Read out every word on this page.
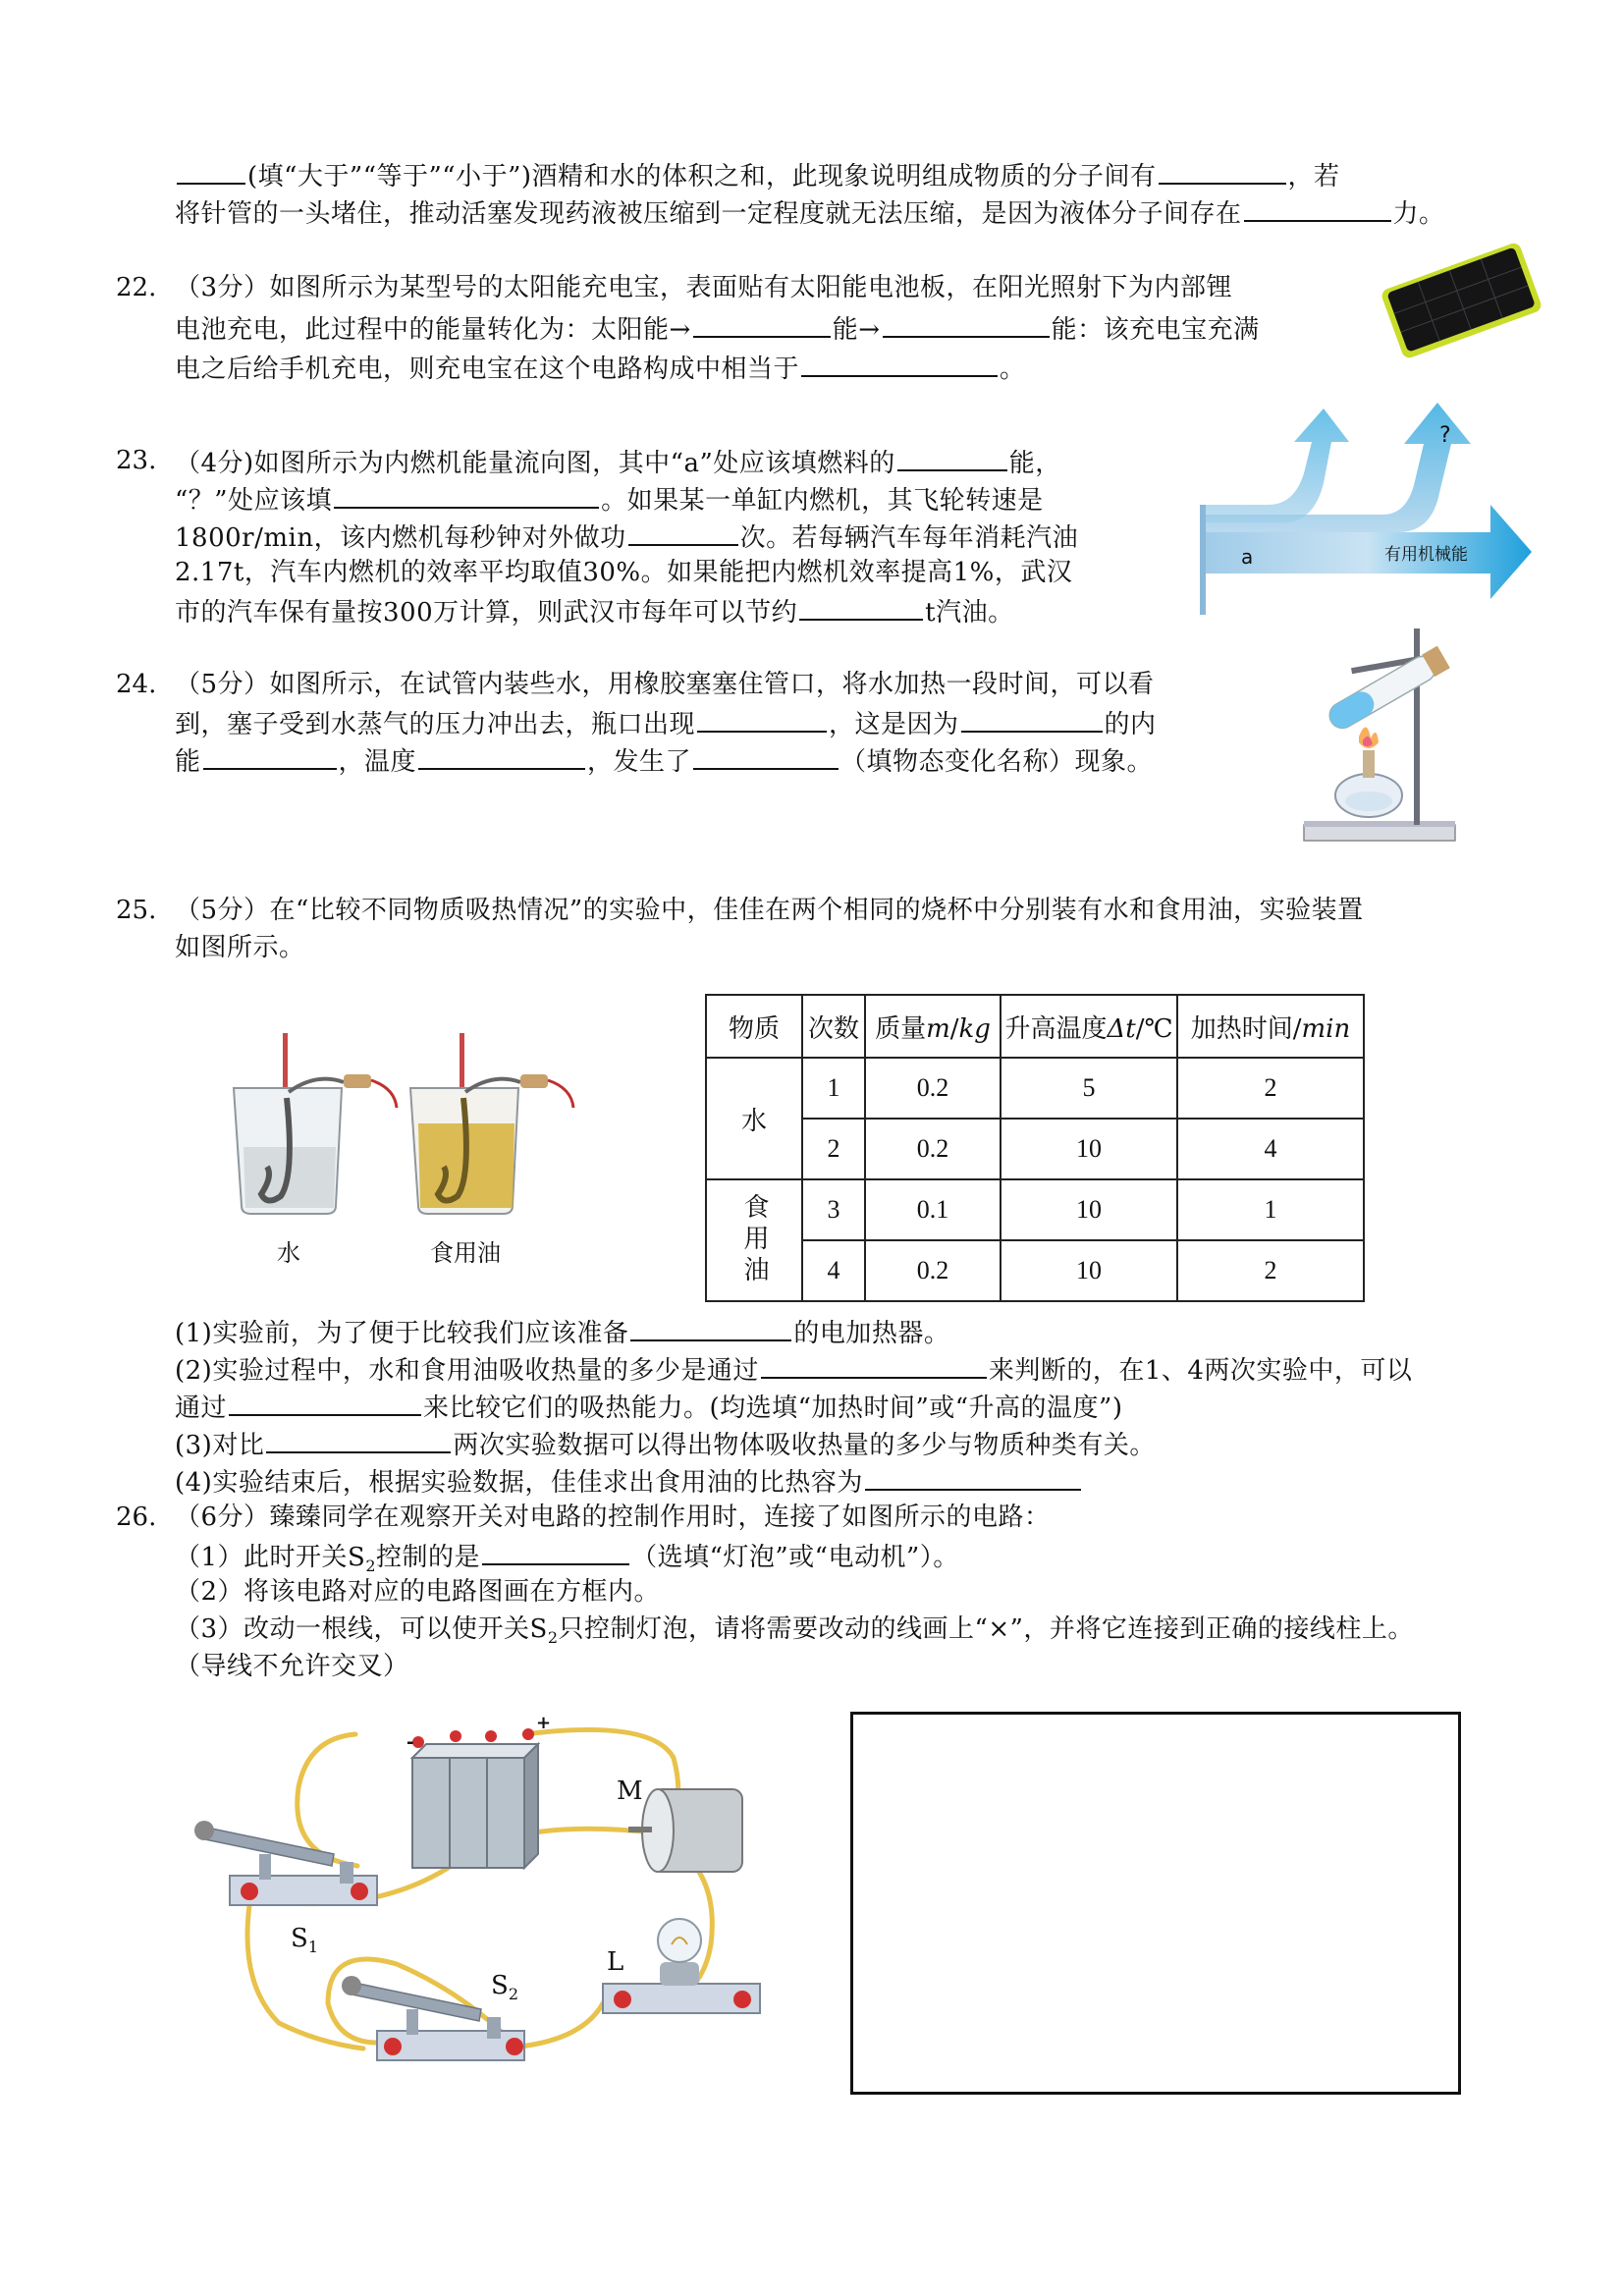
(填“大于”“等于”“小于”)酒精和水的体积之和，此现象说明组成物质的分子间有	，若
将针管的一头堵住，推动活塞发现药液被压缩到一定程度就无法压缩，是因为液体分子间存在	力。
22. （3分）如图所示为某型号的太阳能充电宝，表面贴有太阳能电池板，在阳光照射下为内部锂
电池充电，此过程中的能量转化为：太阳能→	能→	能：该充电宝充满
电之后给手机充电，则充电宝在这个电路构成中相当于	。
23. （4分)如图所示为内燃机能量流向图，其中“a”处应该填燃料的	能，
“？”处应该填	。如果某一单缸内燃机，其飞轮转速是
1800r/min，该内燃机每秒钟对外做功	次。若每辆汽车每年消耗汽油
2.17t，汽车内燃机的效率平均取值30%。如果能把内燃机效率提高1%，武汉
市的汽车保有量按300万计算，则武汉市每年可以节约	t汽油。
a
?
有用机械能
24. （5分）如图所示，在试管内装些水，用橡胶塞塞住管口，将水加热一段时间，可以看
到，塞子受到水蒸气的压力冲出去，瓶口出现	，这是因为	的内
能	，温度	，发生了	（填物态变化名称）现象。
25. （5分）在“比较不同物质吸热情况”的实验中，佳佳在两个相同的烧杯中分别装有水和食用油，实验装置
如图所示。
水	食用油
物质	次数	质量m/kg	升高温度Δt/℃	加热时间/min
水	1	0.2	5	2
	2	0.2	10	4
食用油	3	0.1	10	1
	4	0.2	10	2
(1)实验前，为了便于比较我们应该准备	的电加热器。
(2)实验过程中，水和食用油吸收热量的多少是通过	来判断的，在1、4两次实验中，可以
通过	来比较它们的吸热能力。(均选填“加热时间”或“升高的温度”)
(3)对比	两次实验数据可以得出物体吸收热量的多少与物质种类有关。
(4)实验结束后，根据实验数据，佳佳求出食用油的比热容为
26. （6分）臻臻同学在观察开关对电路的控制作用时，连接了如图所示的电路：
（1）此时开关$S_2$控制的是	（选填“灯泡”或“电动机”）。
（2）将该电路对应的电路图画在方框内。
（3）改动一根线，可以使开关$S_2$只控制灯泡，请将需要改动的线画上“×”，并将它连接到正确的接线柱上。
（导线不允许交叉）
-
+
M
$S_1$
$S_2$
L
